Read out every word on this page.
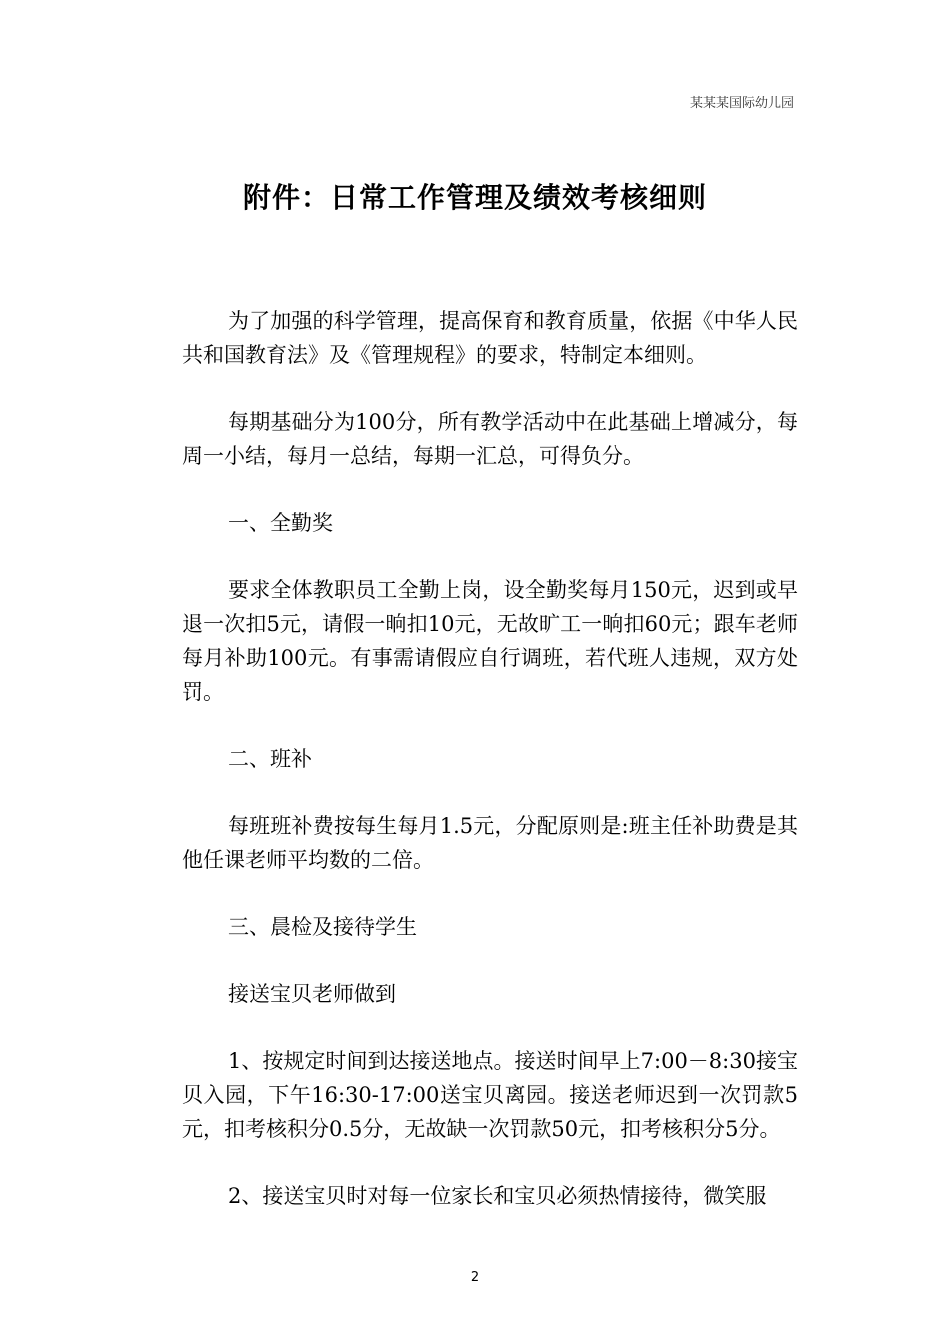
某某某国际幼儿园
附件：日常工作管理及绩效考核细则

为了加强的科学管理，提高保育和教育质量，依据《中华人民共和国教育法》及《管理规程》的要求，特制定本细则。

每期基础分为100分，所有教学活动中在此基础上增减分，每周一小结，每月一总结，每期一汇总，可得负分。

一、全勤奖

要求全体教职员工全勤上岗，设全勤奖每月150元，迟到或早退一次扣5元，请假一晌扣10元，无故旷工一晌扣60元；跟车老师每月补助100元。有事需请假应自行调班，若代班人违规，双方处罚。

二、班补

每班班补费按每生每月1.5元，分配原则是:班主任补助费是其他任课老师平均数的二倍。

三、晨检及接待学生

接送宝贝老师做到

1、按规定时间到达接送地点。接送时间早上7:00－8:30接宝贝入园，下午16:30-17:00送宝贝离园。接送老师迟到一次罚款5元，扣考核积分0.5分，无故缺一次罚款50元，扣考核积分5分。

2、接送宝贝时对每一位家长和宝贝必须热情接待，微笑服

2
